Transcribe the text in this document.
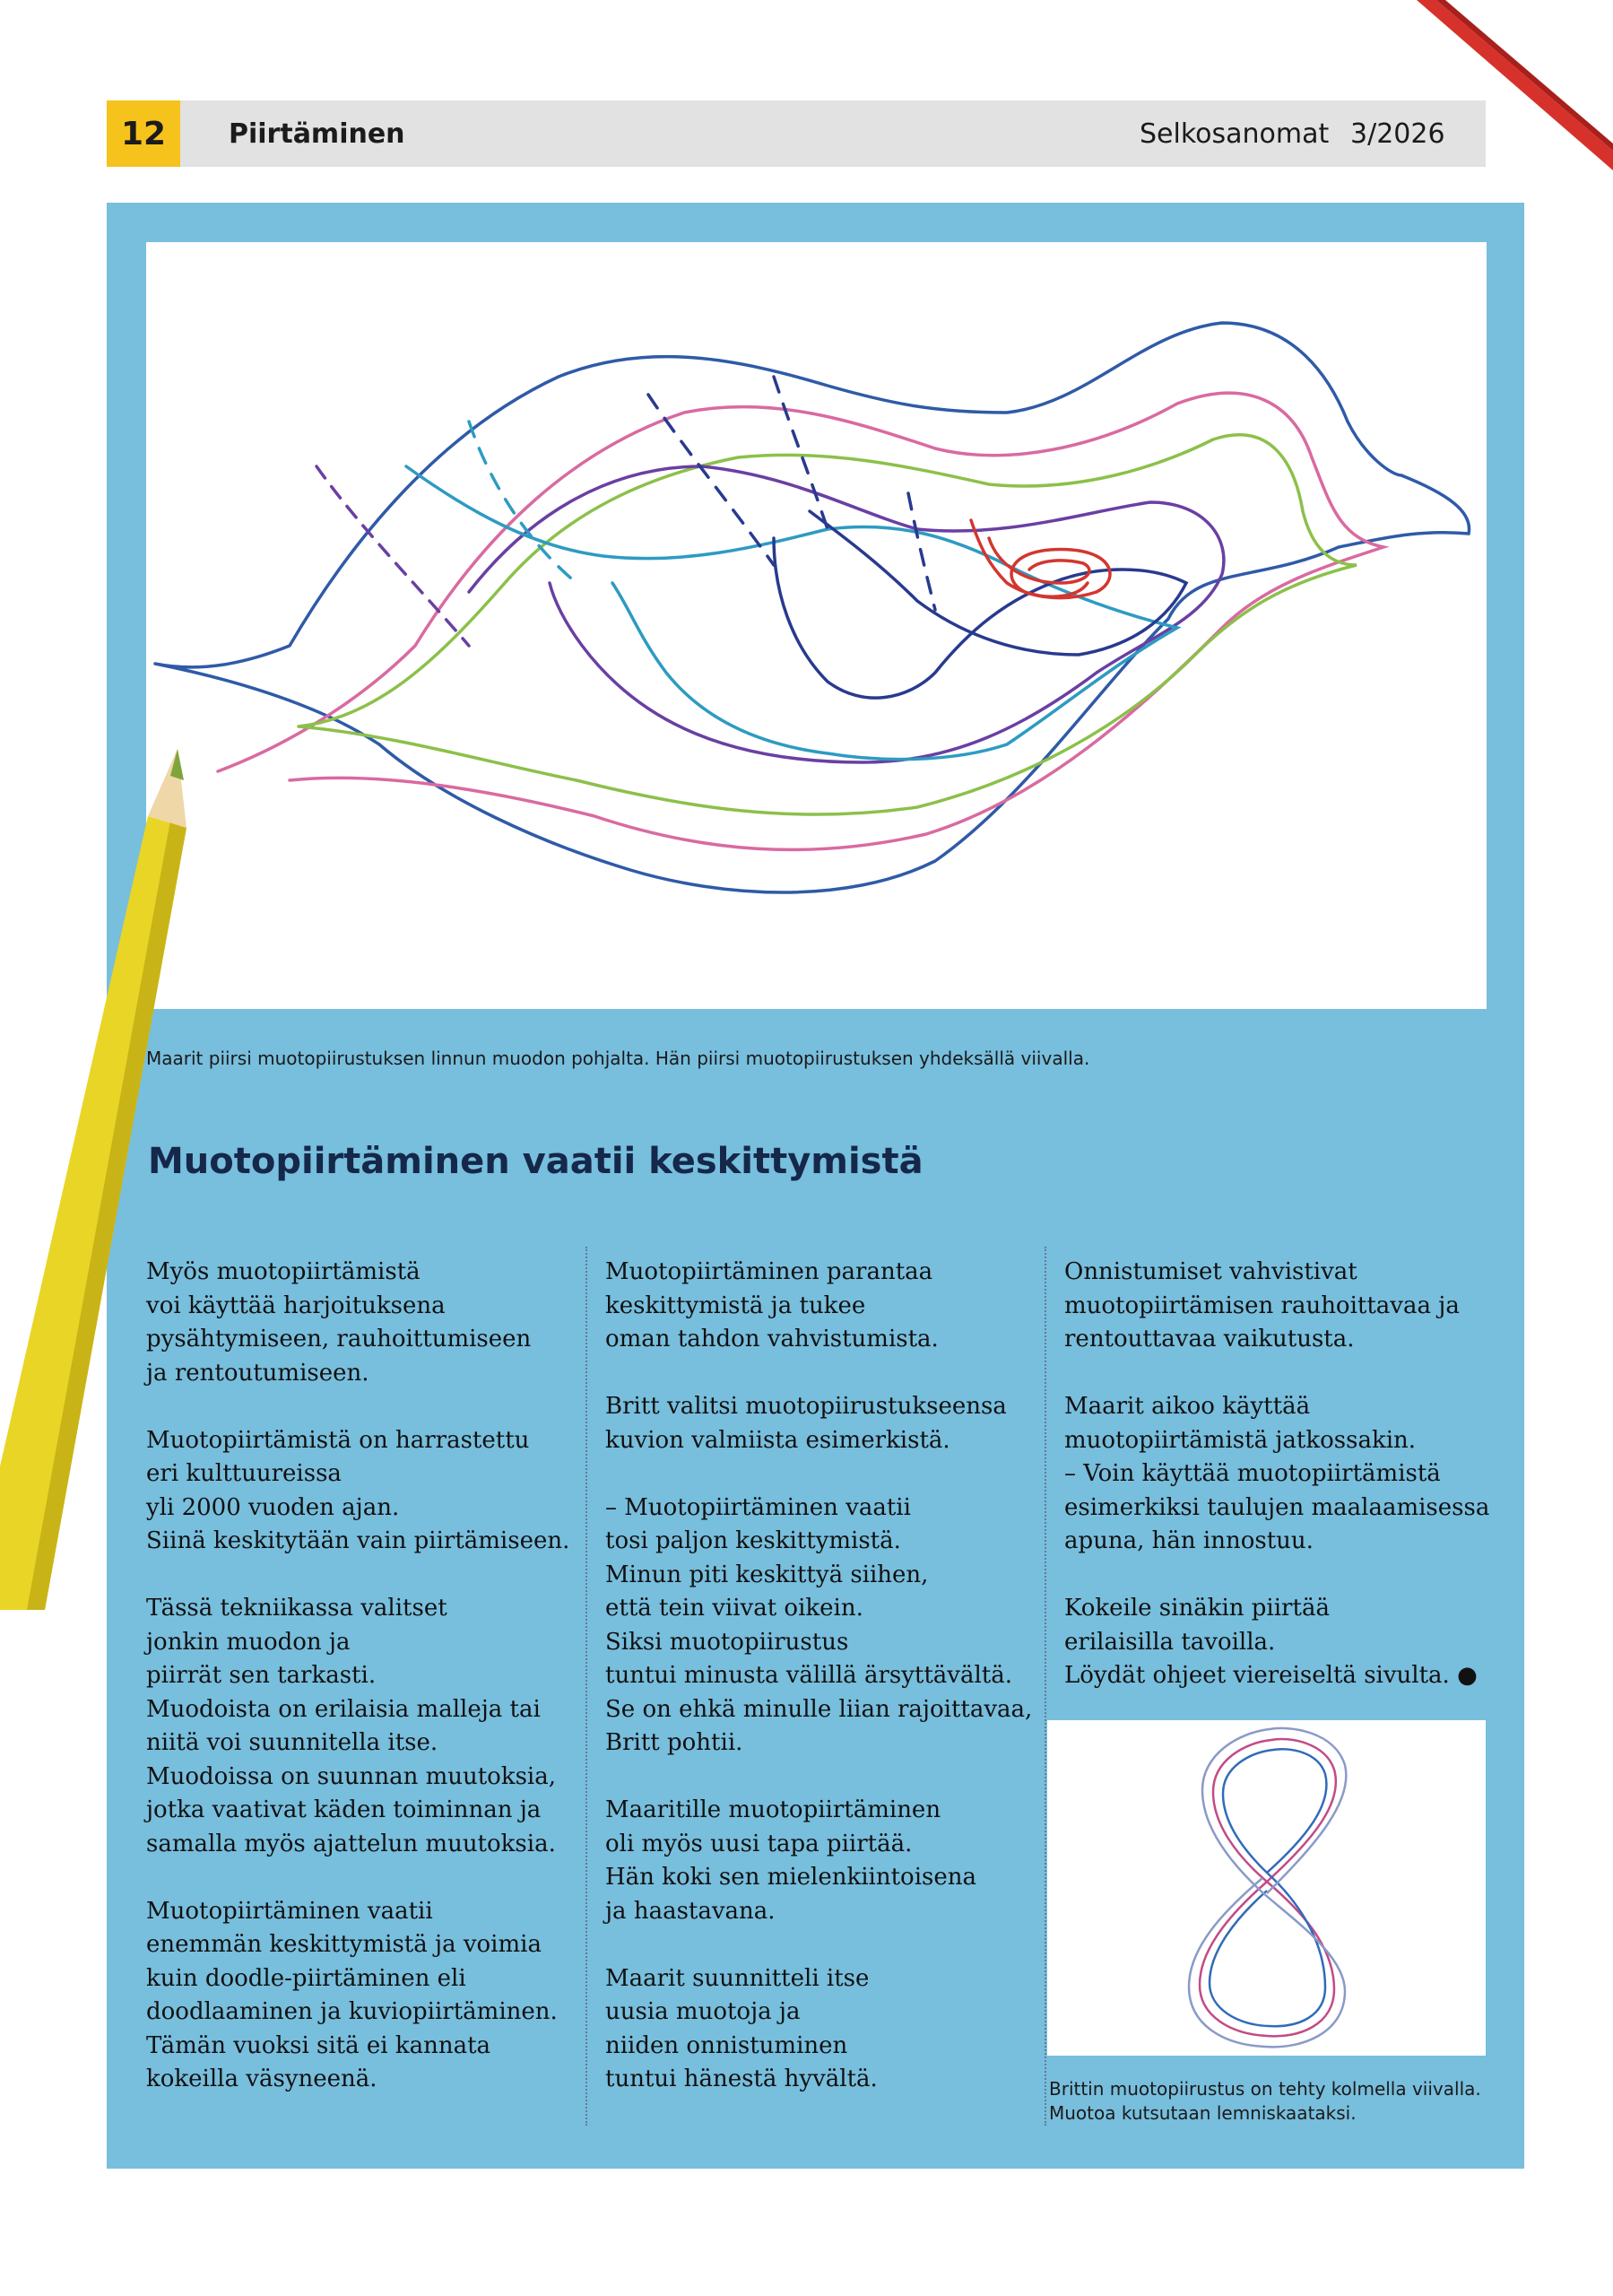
12	Piirtäminen	Selkosanomat 3/2026
Maarit piirsi muotopiirustuksen linnun muodon pohjalta. Hän piirsi muotopiirustuksen yhdeksällä viivalla.
Muotopiirtäminen vaatii keskittymistä

Myös muotopiirtämistä
voi käyttää harjoituksena
pysähtymiseen, rauhoittumiseen
ja rentoutumiseen.

Muotopiirtämistä on harrastettu
eri kulttuureissa
yli 2000 vuoden ajan.
Siinä keskitytään vain piirtämiseen.

Tässä tekniikassa valitset
jonkin muodon ja
piirrät sen tarkasti.
Muodoista on erilaisia malleja tai
niitä voi suunnitella itse.
Muodoissa on suunnan muutoksia,
jotka vaativat käden toiminnan ja
samalla myös ajattelun muutoksia.

Muotopiirtäminen vaatii
enemmän keskittymistä ja voimia
kuin doodle-piirtäminen eli
doodlaaminen ja kuviopiirtäminen.
Tämän vuoksi sitä ei kannata
kokeilla väsyneenä.

Muotopiirtäminen parantaa
keskittymistä ja tukee
oman tahdon vahvistumista.

Britt valitsi muotopiirustukseensa
kuvion valmiista esimerkistä.

– Muotopiirtäminen vaatii
tosi paljon keskittymistä.
Minun piti keskittyä siihen,
että tein viivat oikein.
Siksi muotopiirustus
tuntui minusta välillä ärsyttävältä.
Se on ehkä minulle liian rajoittavaa,
Britt pohtii.

Maaritille muotopiirtäminen
oli myös uusi tapa piirtää.
Hän koki sen mielenkiintoisena
ja haastavana.

Maarit suunnitteli itse
uusia muotoja ja
niiden onnistuminen
tuntui hänestä hyvältä.

Onnistumiset vahvistivat
muotopiirtämisen rauhoittavaa ja
rentouttavaa vaikutusta.

Maarit aikoo käyttää
muotopiirtämistä jatkossakin.
– Voin käyttää muotopiirtämistä
esimerkiksi taulujen maalaamisessa
apuna, hän innostuu.

Kokeile sinäkin piirtää
erilaisilla tavoilla.
Löydät ohjeet viereiseltä sivulta. ●

Brittin muotopiirustus on tehty kolmella viivalla.
Muotoa kutsutaan lemniskaataksi.
